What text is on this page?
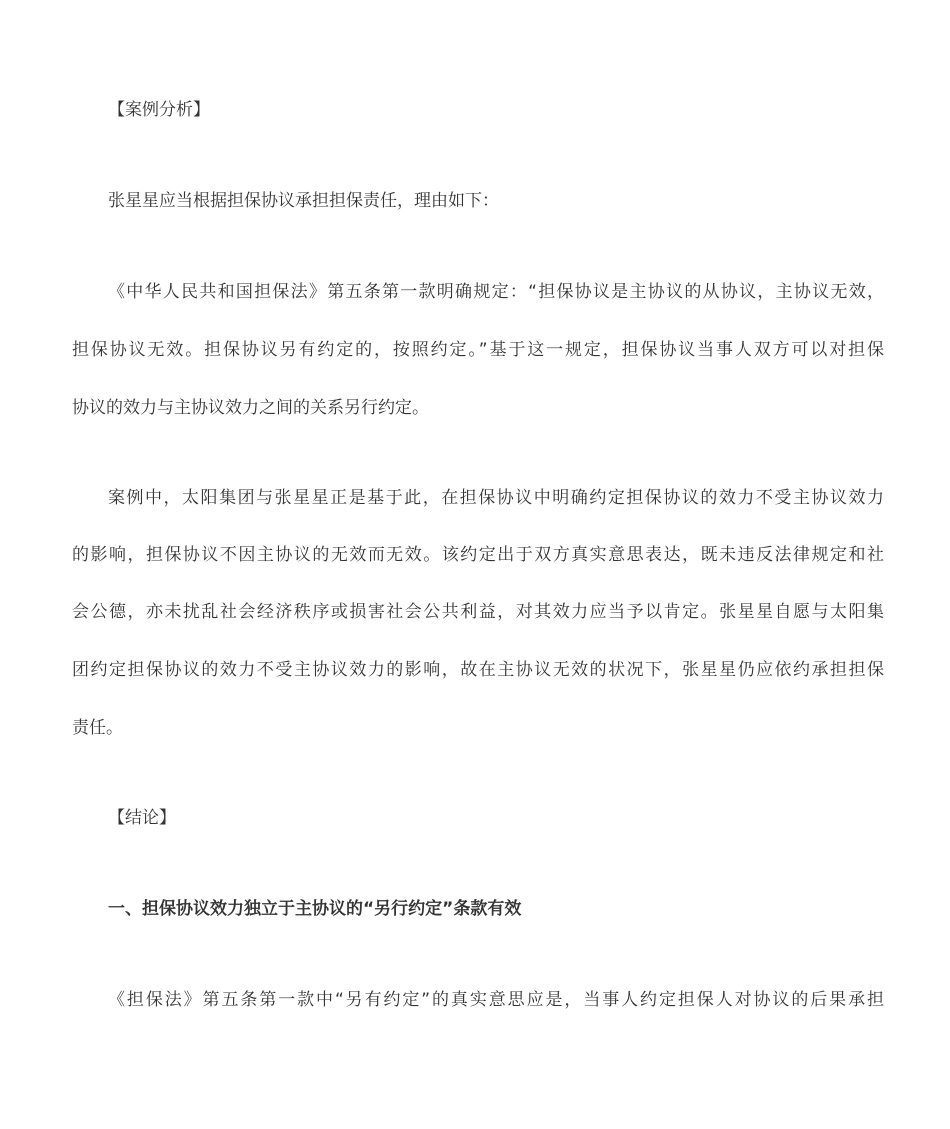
【案例分析】
张星星应当根据担保协议承担担保责任，理由如下：
《中华人民共和国担保法》第五条第一款明确规定：“担保协议是主协议的从协议，主协议无效，
担保协议无效。担保协议另有约定的，按照约定。”基于这一规定，担保协议当事人双方可以对担保
协议的效力与主协议效力之间的关系另行约定。
案例中，太阳集团与张星星正是基于此，在担保协议中明确约定担保协议的效力不受主协议效力
的影响，担保协议不因主协议的无效而无效。该约定出于双方真实意思表达，既未违反法律规定和社
会公德，亦未扰乱社会经济秩序或损害社会公共利益，对其效力应当予以肯定。张星星自愿与太阳集
团约定担保协议的效力不受主协议效力的影响，故在主协议无效的状况下，张星星仍应依约承担担保
责任。
【结论】
一、担保协议效力独立于主协议的“另行约定”条款有效
《担保法》第五条第一款中“另有约定”的真实意思应是，当事人约定担保人对协议的后果承担
